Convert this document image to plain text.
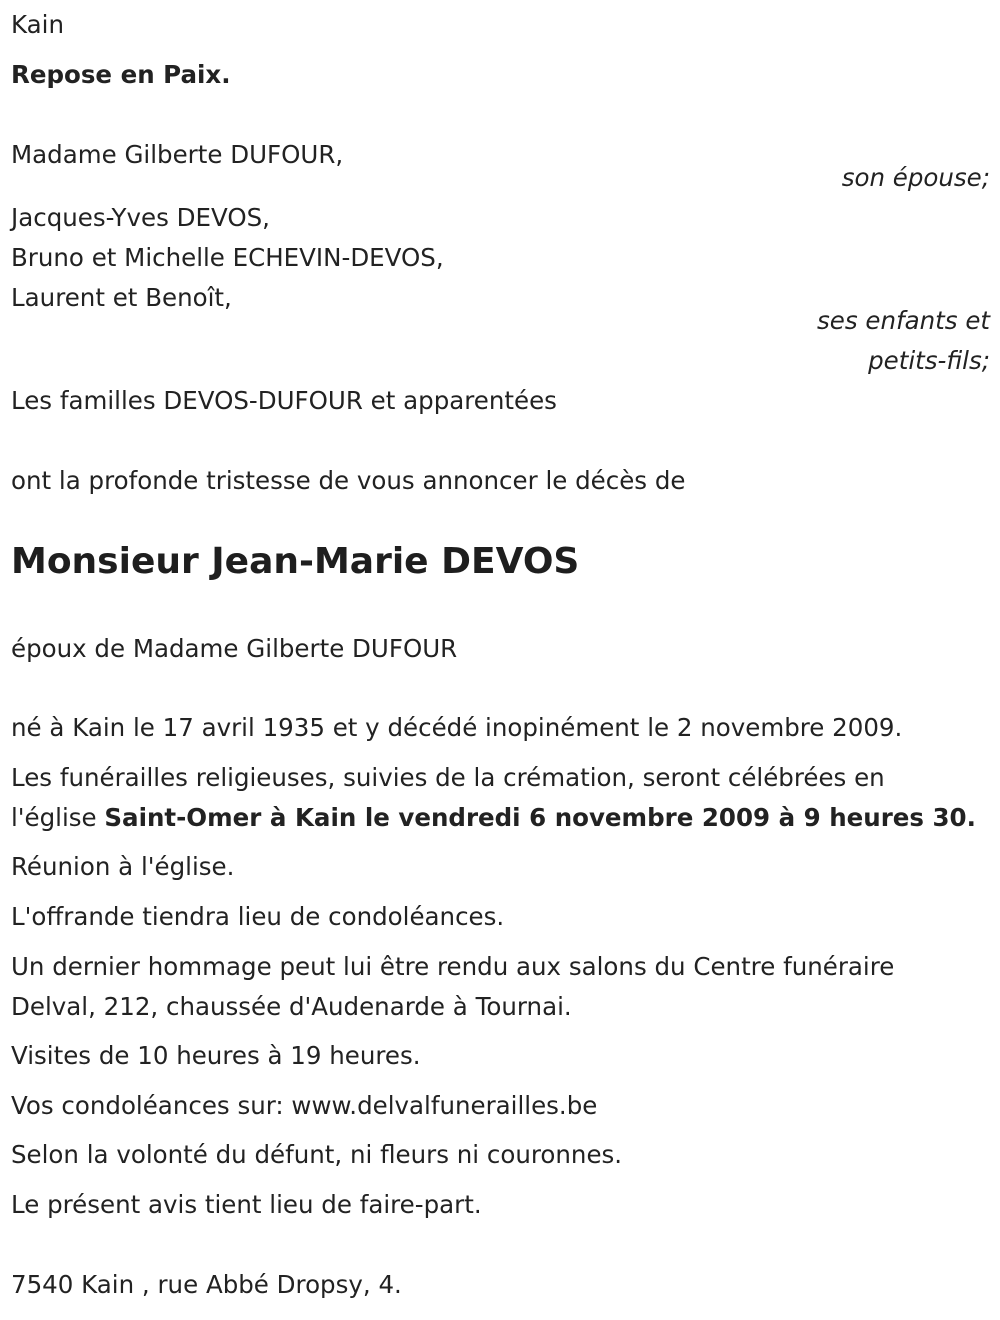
Kain
Repose en Paix.
Madame Gilberte DUFOUR,
son épouse;
Jacques-Yves DEVOS,
Bruno et Michelle ECHEVIN-DEVOS,
Laurent et Benoît,
ses enfants et
petits-fils;
Les familles DEVOS-DUFOUR et apparentées
ont la profonde tristesse de vous annoncer le décès de
Monsieur Jean-Marie DEVOS
époux de Madame Gilberte DUFOUR
né à Kain le 17 avril 1935 et y décédé inopinément le 2 novembre 2009.
Les funérailles religieuses, suivies de la crémation, seront célébrées en
l'église Saint-Omer à Kain le vendredi 6 novembre 2009 à 9 heures 30.
Réunion à l'église.
L'offrande tiendra lieu de condoléances.
Un dernier hommage peut lui être rendu aux salons du Centre funéraire
Delval, 212, chaussée d'Audenarde à Tournai.
Visites de 10 heures à 19 heures.
Vos condoléances sur: www.delvalfunerailles.be
Selon la volonté du défunt, ni fleurs ni couronnes.
Le présent avis tient lieu de faire-part.
7540 Kain , rue Abbé Dropsy, 4.
